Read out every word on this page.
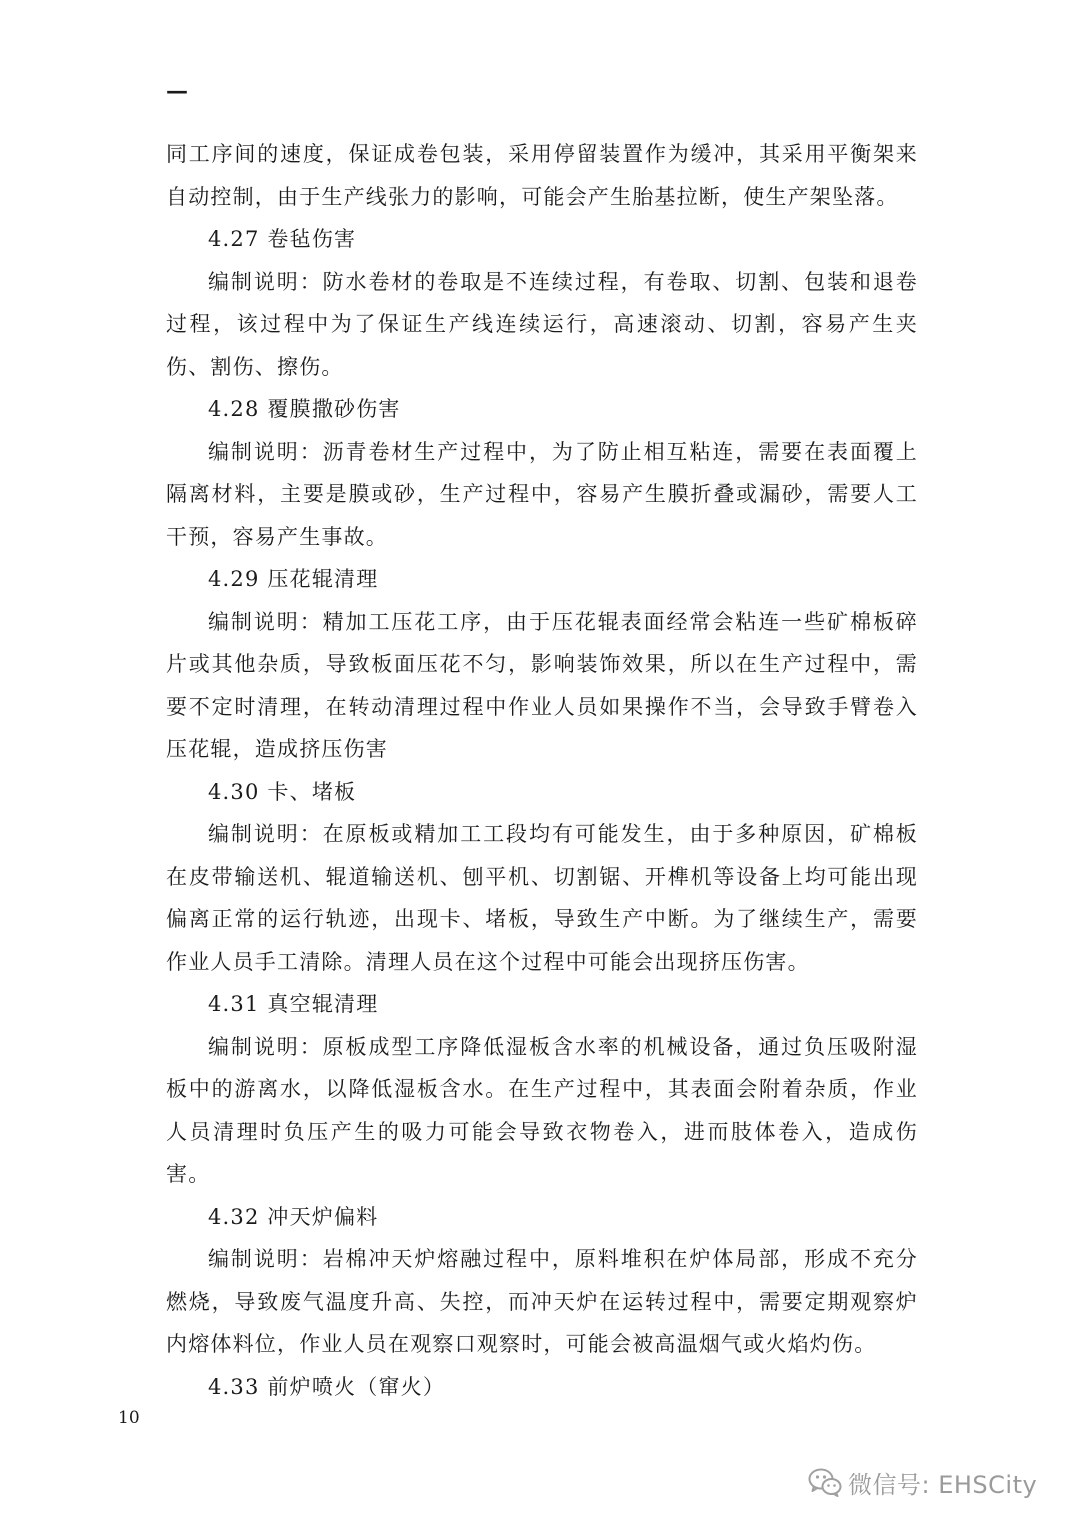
—

同工序间的速度，保证成卷包装，采用停留装置作为缓冲，其采用平衡架来自动控制，由于生产线张力的影响，可能会产生胎基拉断，使生产架坠落。

4.27 卷毡伤害

编制说明：防水卷材的卷取是不连续过程，有卷取、切割、包装和退卷过程，该过程中为了保证生产线连续运行，高速滚动、切割，容易产生夹伤、割伤、擦伤。

4.28 覆膜撒砂伤害

编制说明：沥青卷材生产过程中，为了防止相互粘连，需要在表面覆上隔离材料，主要是膜或砂，生产过程中，容易产生膜折叠或漏砂，需要人工干预，容易产生事故。

4.29 压花辊清理

编制说明：精加工压花工序，由于压花辊表面经常会粘连一些矿棉板碎片或其他杂质，导致板面压花不匀，影响装饰效果，所以在生产过程中，需要不定时清理，在转动清理过程中作业人员如果操作不当，会导致手臂卷入压花辊，造成挤压伤害

4.30 卡、堵板

编制说明：在原板或精加工工段均有可能发生，由于多种原因，矿棉板在皮带输送机、辊道输送机、刨平机、切割锯、开榫机等设备上均可能出现偏离正常的运行轨迹，出现卡、堵板，导致生产中断。为了继续生产，需要作业人员手工清除。清理人员在这个过程中可能会出现挤压伤害。

4.31 真空辊清理

编制说明：原板成型工序降低湿板含水率的机械设备，通过负压吸附湿板中的游离水，以降低湿板含水。在生产过程中，其表面会附着杂质，作业人员清理时负压产生的吸力可能会导致衣物卷入，进而肢体卷入，造成伤害。

4.32 冲天炉偏料

编制说明：岩棉冲天炉熔融过程中，原料堆积在炉体局部，形成不充分燃烧，导致废气温度升高、失控，而冲天炉在运转过程中，需要定期观察炉内熔体料位，作业人员在观察口观察时，可能会被高温烟气或火焰灼伤。

4.33 前炉喷火（窜火）

10
微信号: EHSCity
